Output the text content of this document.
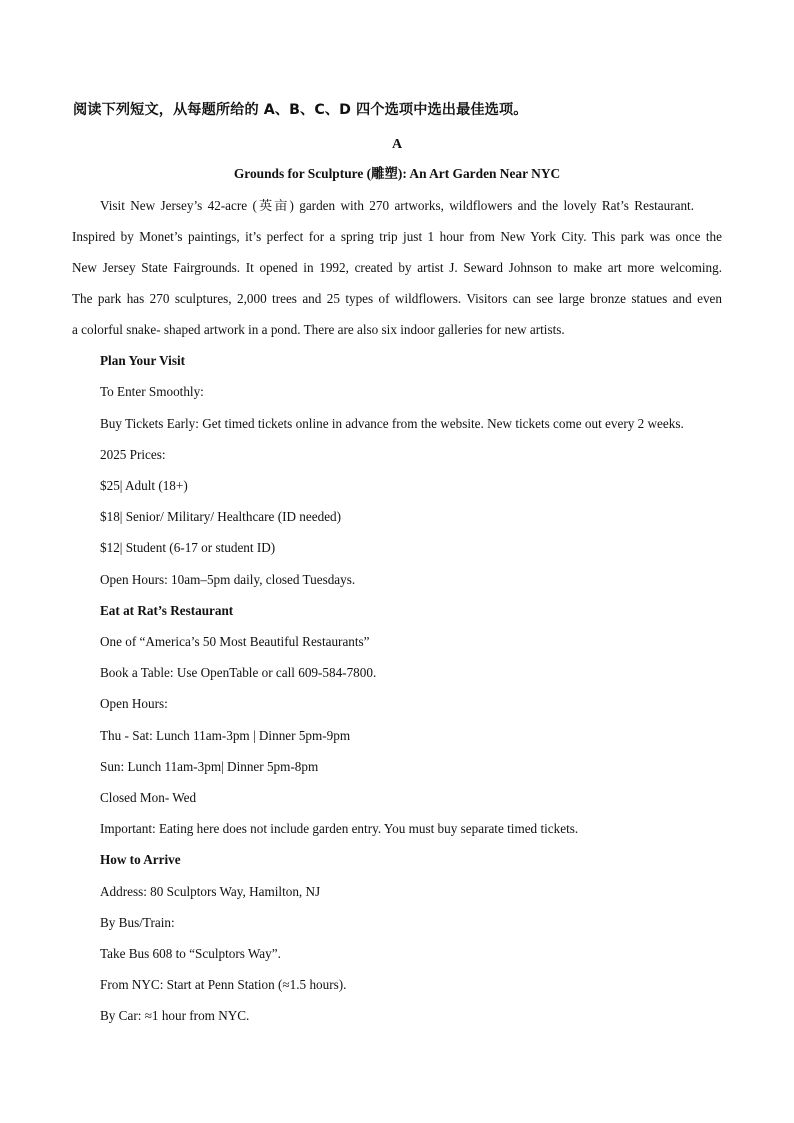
阅读下列短文，从每题所给的 A、B、C、D 四个选项中选出最佳选项。
A
Grounds for Sculpture (雕塑): An Art Garden Near NYC
Visit New Jersey’s 42-acre (英亩) garden with 270 artworks, wildflowers and the lovely Rat’s Restaurant.
Inspired by Monet’s paintings, it’s perfect for a spring trip just 1 hour from New York City. This park was once the
New Jersey State Fairgrounds. It opened in 1992, created by artist J. Seward Johnson to make art more welcoming.
The park has 270 sculptures, 2,000 trees and 25 types of wildflowers. Visitors can see large bronze statues and even
a colorful snake- shaped artwork in a pond. There are also six indoor galleries for new artists.
Plan Your Visit
To Enter Smoothly:
Buy Tickets Early: Get timed tickets online in advance from the website. New tickets come out every 2 weeks.
2025 Prices:
$25| Adult (18+)
$18| Senior/ Military/ Healthcare (ID needed)
$12| Student (6-17 or student ID)
Open Hours: 10am–5pm daily, closed Tuesdays.
Eat at Rat’s Restaurant
One of “America’s 50 Most Beautiful Restaurants”
Book a Table: Use OpenTable or call 609-584-7800.
Open Hours:
Thu - Sat: Lunch 11am-3pm | Dinner 5pm-9pm
Sun: Lunch 11am-3pm| Dinner 5pm-8pm
Closed Mon- Wed
Important: Eating here does not include garden entry. You must buy separate timed tickets.
How to Arrive
Address: 80 Sculptors Way, Hamilton, NJ
By Bus/Train:
Take Bus 608 to “Sculptors Way”.
From NYC: Start at Penn Station (≈1.5 hours).
By Car: ≈1 hour from NYC.
